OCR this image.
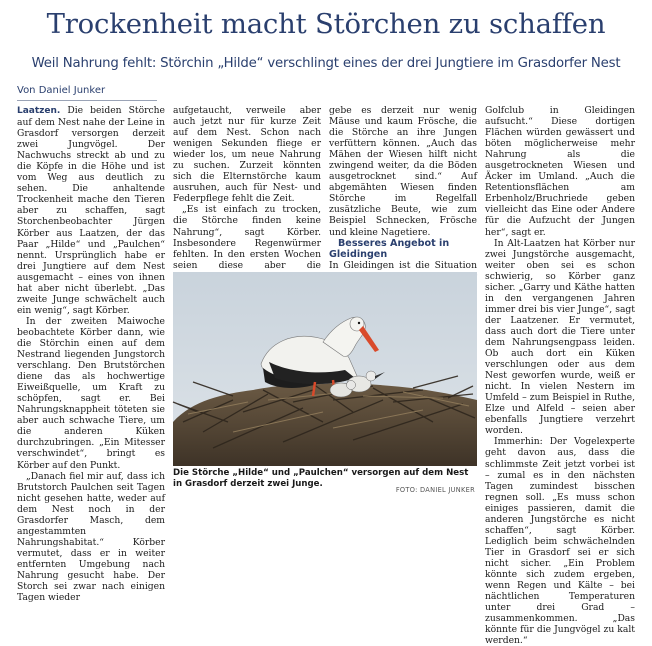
Trockenheit macht Störchen zu schaffen
Weil Nahrung fehlt: Störchin „Hilde“ verschlingt eines der drei Jungtiere im Grasdorfer Nest
Von Daniel Junker

Laatzen. Die beiden Störche auf dem Nest nahe der Leine in Grasdorf versorgen derzeit zwei Jungvögel. Der Nachwuchs streckt ab und zu die Köpfe in die Höhe und ist vom Weg aus deutlich zu sehen. Die anhaltende Trockenheit mache den Tieren aber zu schaffen, sagt Storchenbeobachter Jürgen Körber aus Laatzen, der das Paar „Hilde“ und „Paulchen“ nennt. Ursprünglich habe er drei Jungtiere auf dem Nest ausgemacht – eines von ihnen hat aber nicht überlebt. „Das zweite Junge schwächelt auch ein wenig“, sagt Körber.

In der zweiten Maiwoche beobachtete Körber dann, wie die Störchin einen auf dem Nestrand liegenden Jungstorch verschlang. Den Brutstörchen diene das als hochwertige Eiweißquelle, um Kraft zu schöpfen, sagt er. Bei Nahrungsknappheit töteten sie aber auch schwache Tiere, um die anderen Küken durchzubringen. „Ein Mitesser verschwindet“, bringt es Körber auf den Punkt.

„Danach fiel mir auf, dass ich Brutstorch Paulchen seit Tagen nicht gesehen hatte, weder auf dem Nest noch in der Grasdorfer Masch, dem angestammten Nahrungshabitat.“ Körber vermutet, dass er in weiter entfernten Umgebung nach Nahrung gesucht habe. Der Storch sei zwar nach einigen Tagen wieder

aufgetaucht, verweile aber auch jetzt nur für kurze Zeit auf dem Nest. Schon nach wenigen Sekunden fliege er wieder los, um neue Nahrung zu suchen. Zurzeit könnten sich die Elternstörche kaum ausruhen, auch für Nest- und Federpflege fehlt die Zeit.

„Es ist einfach zu trocken, die Störche finden keine Nahrung“, sagt Körber. Insbesondere Regenwürmer fehlten. In den ersten Wochen seien diese aber die

gebe es derzeit nur wenig Mäuse und kaum Frösche, die die Störche an ihre Jungen verfüttern können. „Auch das Mähen der Wiesen hilft nicht zwingend weiter, da die Böden ausgetrocknet sind.“ Auf abgemähten Wiesen finden Störche im Regelfall zusätzliche Beute, wie zum Beispiel Schnecken, Frösche und kleine Nagetiere.

Besseres Angebot in Gleidingen

In Gleidingen ist die Situation

Golfclub in Gleidingen aufsucht.“ Diese dortigen Flächen würden gewässert und böten möglicherweise mehr Nahrung als die ausgetrockneten Wiesen und Äcker im Umland. „Auch die Retentionsflächen am Erbenholz/Bruchriede geben vielleicht das Eine oder Andere für die Aufzucht der Jungen her“, sagt er.

In Alt-Laatzen hat Körber nur zwei Jungstörche ausgemacht, weiter oben sei es schon schwierig, so Körber ganz sicher. „Garry und Käthe hatten in den vergangenen Jahren immer drei bis vier Junge“, sagt der Laatzener. Er vermutet, dass auch dort die Tiere unter dem Nahrungsengpass leiden. Ob auch dort ein Küken verschlungen oder aus dem Nest geworfen wurde, weiß er nicht. In vielen Nestern im Umfeld – zum Beispiel in Ruthe, Elze und Alfeld – seien aber ebenfalls Jungtiere verzehrt worden.

Immerhin: Der Vogelexperte geht davon aus, dass die schlimmste Zeit jetzt vorbei ist – zumal es in den nächsten Tagen zumindest bisschen regnen soll. „Es muss schon einiges passieren, damit die anderen Jungstörche es nicht schaffen“, sagt Körber. Lediglich beim schwächelnden Tier in Grasdorf sei er sich nicht sicher. „Ein Problem könnte sich zudem ergeben, wenn Regen und Kälte – bei nächtlichen Temperaturen unter drei Grad – zusammenkommen. „Das könnte für die Jungvögel zu kalt werden.“

Die Störche „Hilde“ und „Paulchen“ versorgen auf dem Nest in Grasdorf derzeit zwei Junge.
FOTO: DANIEL JUNKER
